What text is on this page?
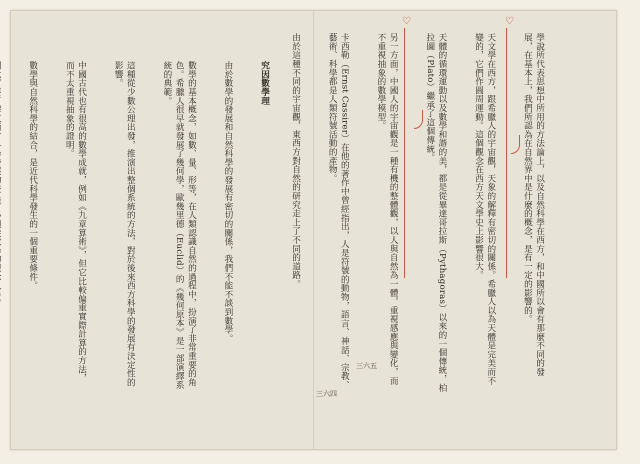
學說所代表思想中所用的方法論上，以及自然科學在西方，和中國所以會有那麼不同的發展，在基本上，我們所認為在自然界中是什麼的概念，是有一定的影響的。

天文學在西方，跟希臘人的宇宙觀，天象的解釋有密切的關係。希臘人以為天體是完美而不變的，它們作圓周運動。這個觀念在西方天文學史上影響很大。

天體的循環運動以及數學和諧的美，都是從畢達哥拉斯（Pythagoras）以來的一個傳統，柏拉圖（Plato）繼承了這個傳統。

另一方面，中國人的宇宙觀是一種有機的整體觀，以人與自然為一體，重視感應與變化，而不重視抽象的數學模型。

卡西勒（Ernst Cassirer）在他的著作中曾經指出，人是符號的動物，語言、神話、宗教、藝術、科學都是人類符號活動的產物。

由於這種不同的宇宙觀，東西方對自然的研究走上了不同的道路。

究因數學理

由於數學的發展和自然科學的發展有密切的關係，我們不能不談到數學。

數學的基本概念，如數、量、形等，在人類認識自然的過程中，扮演了非常重要的角色。希臘人很早就發展了幾何學，歐幾里德（Euclid）的《幾何原本》是一部演繹系統的典範。

這種從少數公理出發，推演出整個系統的方法，對於後來西方科學的發展有決定性的影響。

中國古代也有很高的數學成就，例如《九章算術》，但它比較偏重實際計算的方法，而不太重視抽象的證明。

數學與自然科學的結合，是近代科學發生的一個重要條件。

三六四
三六五
♡	♡
